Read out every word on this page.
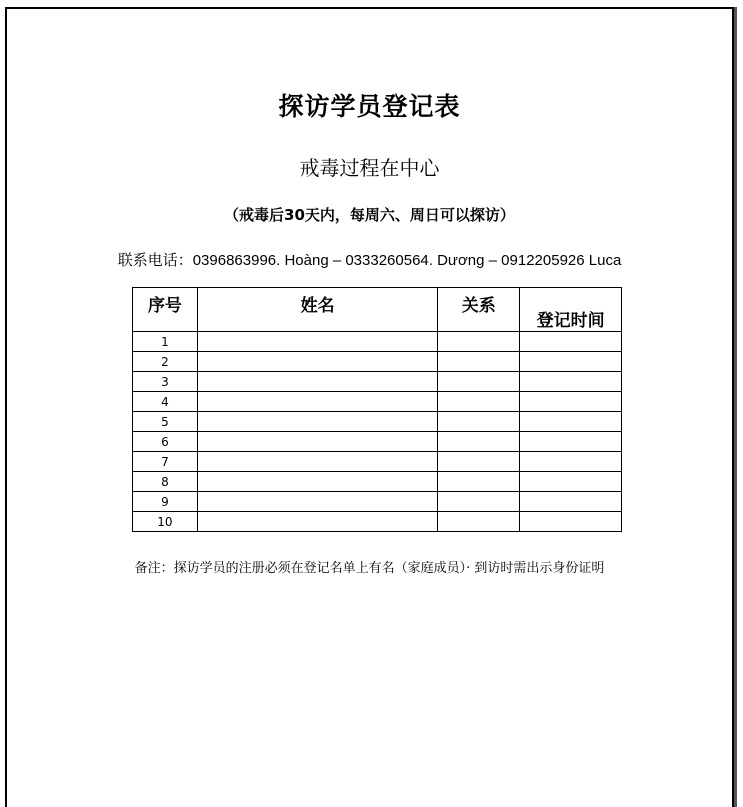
探访学员登记表
戒毒过程在中心
（戒毒后30天内，每周六、周日可以探访）
联系电话：0396863996. Hoàng – 0333260564. Dương – 0912205926 Luca
序号	姓名	关系	登记时间
1			
2			
3			
4			
5			
6			
7			
8			
9			
10			
备注：探访学员的注册必须在登记名单上有名（家庭成员）· 到访时需出示身份证明
